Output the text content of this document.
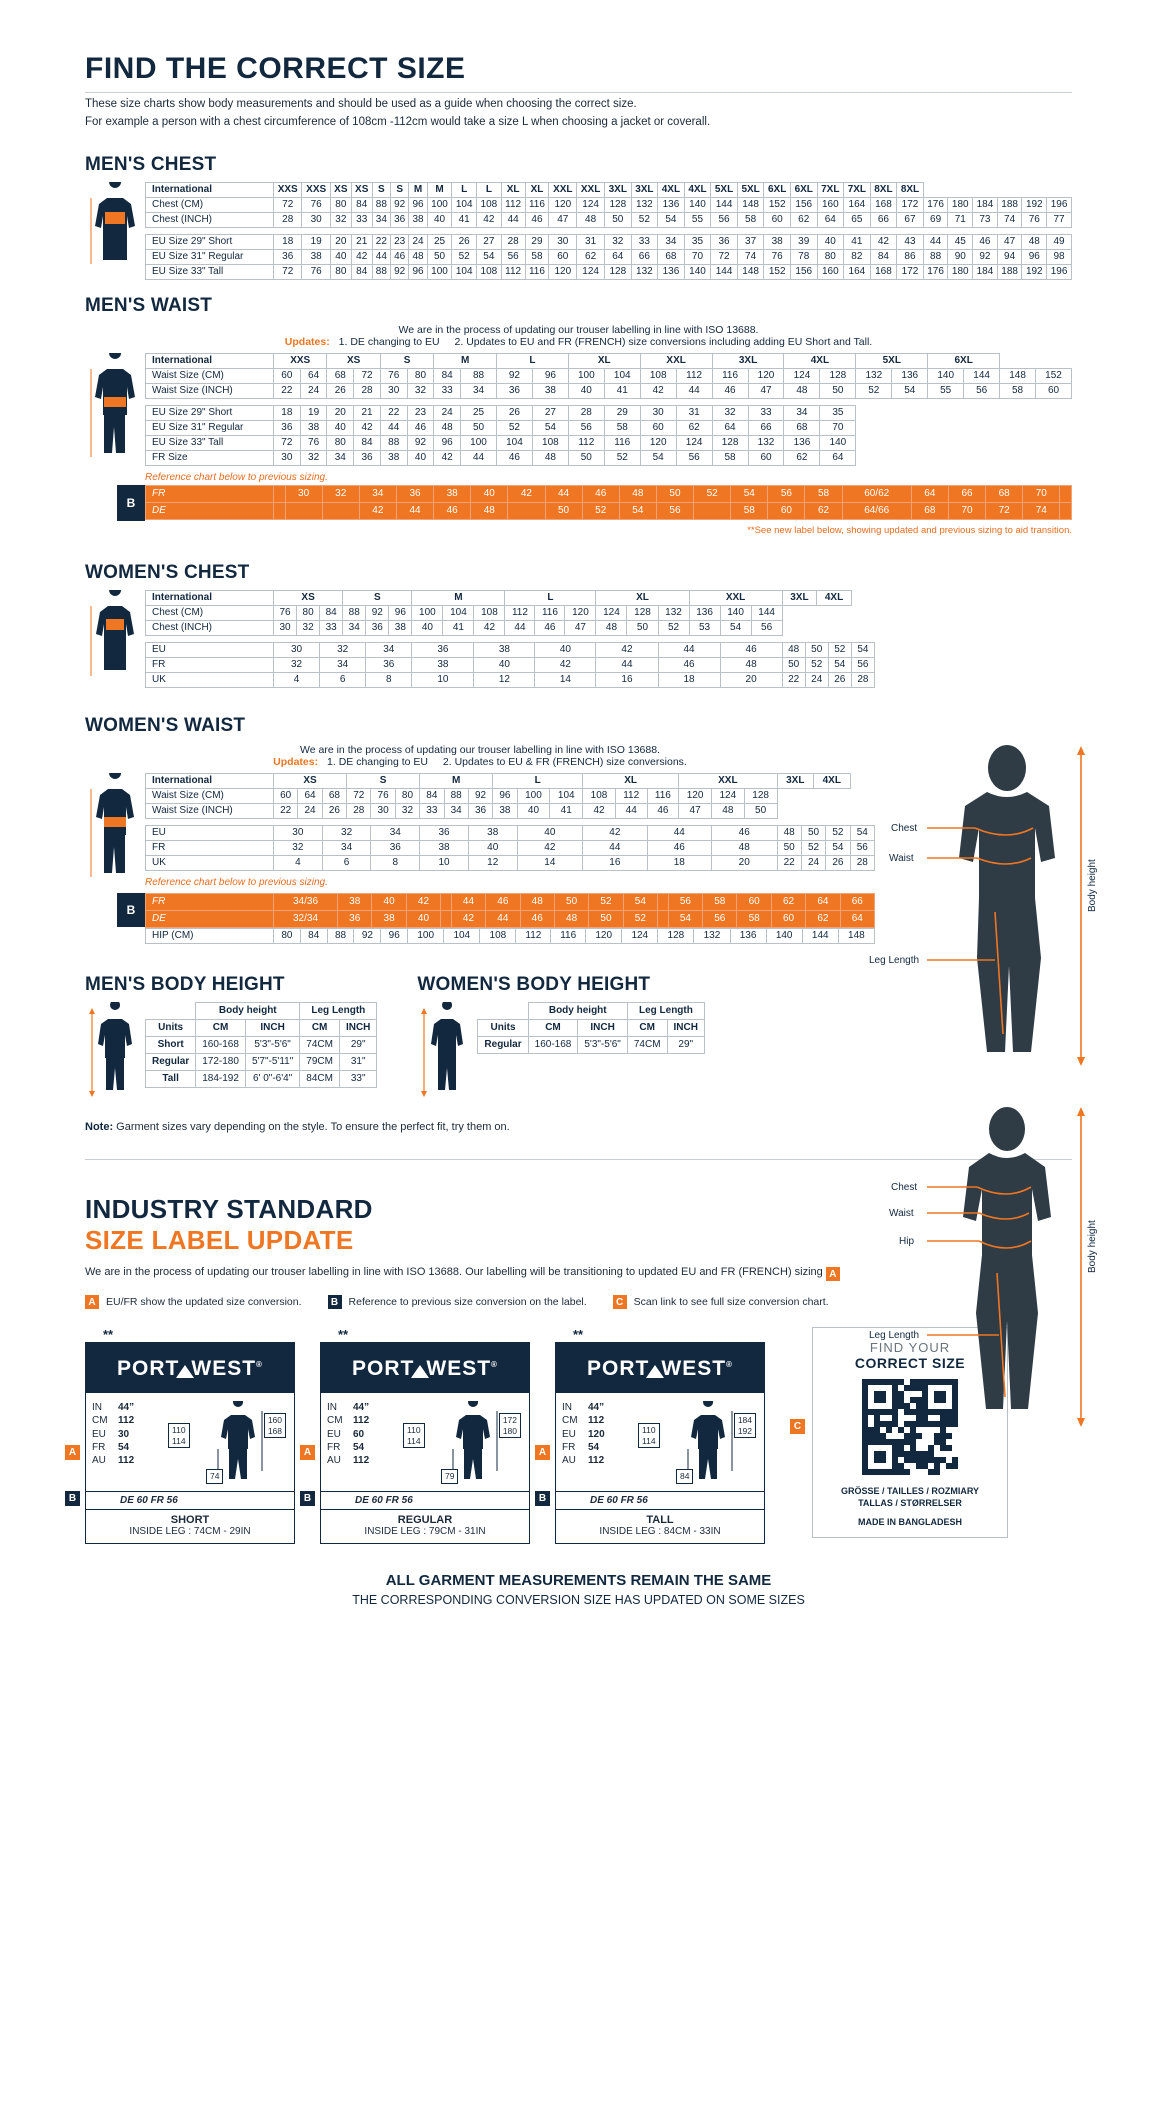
FIND THE CORRECT SIZE

These size charts show body measurements and should be used as a guide when choosing the correct size.
For example a person with a chest circumference of 108cm -112cm would take a size L when choosing a jacket or coverall.

MEN'S CHEST
International	XXS	XXS	XS	XS	S	S	M	M	L	L	XL	XL	XXL	XXL	3XL	3XL	4XL	4XL	5XL	5XL	6XL	6XL	7XL	7XL	8XL	8XL						
Chest (CM)	72	76	80	84	88	92	96	100	104	108	112	116	120	124	128	132	136	140	144	148	152	156	160	164	168	172	176	180	184	188	192	196
Chest (INCH)	28	30	32	33	34	36	38	40	41	42	44	46	47	48	50	52	54	55	56	58	60	62	64	65	66	67	69	71	73	74	76	77

EU Size 29" Short	18	19	20	21	22	23	24	25	26	27	28	29	30	31	32	33	34	35	36	37	38	39	40	41	42	43	44	45	46	47	48	49
EU Size 31" Regular	36	38	40	42	44	46	48	50	52	54	56	58	60	62	64	66	68	70	72	74	76	78	80	82	84	86	88	90	92	94	96	98
EU Size 33" Tall	72	76	80	84	88	92	96	100	104	108	112	116	120	124	128	132	136	140	144	148	152	156	160	164	168	172	176	180	184	188	192	196
MEN'S WAIST
We are in the process of updating our trouser labelling in line with ISO 13688.
Updates: 1. DE changing to EU 2. Updates to EU and FR (FRENCH) size conversions including adding EU Short and Tall.
International	XXS		XS		S		M		L		XL		XXL		3XL		4XL		5XL		6XL			
Waist Size (CM)	60	64	68	72	76	80	84	88	92	96	100	104	108	112	116	120	124	128	132	136	140	144	148	152
Waist Size (INCH)	22	24	26	28	30	32	33	34	36	38	40	41	42	44	46	47	48	50	52	54	55	56	58	60

EU Size 29" Short	18	19	20	21	22	23	24	25	26	27	28	29	30	31	32	33	34	35						
EU Size 31" Regular	36	38	40	42	44	46	48	50	52	54	56	58	60	62	64	66	68	70						
EU Size 33" Tall	72	76	80	84	88	92	96	100	104	108	112	116	120	124	128	132	136	140						
FR Size	30	32	34	36	38	40	42	44	46	48	50	52	54	56	58	60	62	64						
Reference chart below to previous sizing.
B
FR		30	32	34	36	38	40	42	44	46	48	50	52	54	56	58	60/62	64	66	68	70	
DE				42	44	46	48		50	52	54	56		58	60	62	64/66	68	70	72	74	
**See new label below, showing updated and previous sizing to aid transition.
WOMEN'S CHEST
International	XS			S			M			L			XL			XXL			3XL		4XL		
Chest (CM)	76	80	84	88	92	96	100	104	108	112	116	120	124	128	132	136	140	144					
Chest (INCH)	30	32	33	34	36	38	40	41	42	44	46	47	48	50	52	53	54	56					

EU	30		32		34		36		38		40		42		44		46		48	50		52	54
FR	32		34		36		38		40		42		44		46		48		50	52		54	56
UK	4		6		8		10		12		14		16		18		20		22	24		26	28
WOMEN'S WAIST
We are in the process of updating our trouser labelling in line with ISO 13688.
Updates: 1. DE changing to EU 2. Updates to EU & FR (FRENCH) size conversions.
International	XS			S			M			L			XL			XXL			3XL		4XL		
Waist Size (CM)	60	64	68	72	76	80	84	88	92	96	100	104	108	112	116	120	124	128					
Waist Size (INCH)	22	24	26	28	30	32	33	34	36	38	40	41	42	44	46	47	48	50					

EU	30		32		34		36		38		40		42		44		46		48	50		52	54
FR	32		34		36		38		40		42		44		46		48		50	52		54	56
UK	4		6		8		10		12		14		16		18		20		22	24		26	28
Reference chart below to previous sizing.
B
FR	34/36	38	40	42		44	46	48	50	52	54		56	58	60	62	64	66
DE	32/34	36	38	40		42	44	46	48	50	52		54	56	58	60	62	64
HIP (CM)	80	84	88	92	96	100	104	108	112	116	120	124	128	132	136	140	144	148
MEN'S BODY HEIGHT
	Body height		Leg Length	
Units	CM	INCH	CM	INCH
Short	160-168	5'3"-5'6"	74CM	29"
Regular	172-180	5'7"-5'11"	79CM	31"
Tall	184-192	6' 0"-6'4"	84CM	33"
WOMEN'S BODY HEIGHT
	Body height		Leg Length	
Units	CM	INCH	CM	INCH
Regular	160-168	5'3"-5'6"	74CM	29"

Note: Garment sizes vary depending on the style. To ensure the perfect fit, try them on.

INDUSTRY STANDARD
SIZE LABEL UPDATE

We are in the process of updating our trouser labelling in line with ISO 13688. Our labelling will be transitioning to updated EU and FR (FRENCH) sizing A

A EU/FR show the updated size conversion.	B Reference to previous size conversion on the label.	C Scan link to see full size conversion chart.
**
PORT WEST®
IN	44”
CM	112
EU	30
FR	54
AU	112
110
114
160
168
74
DE 60 FR 56
SHORT
INSIDE LEG : 74CM - 29IN
A
B
**
PORT WEST®
IN	44”
CM	112
EU	60
FR	54
AU	112
110
114
172
180
79
DE 60 FR 56
REGULAR
INSIDE LEG : 79CM - 31IN
A
B
**
PORT WEST®
IN	44”
CM	112
EU	120
FR	54
AU	112
110
114
184
192
84
DE 60 FR 56
TALL
INSIDE LEG : 84CM - 33IN
A
B
C
FIND YOUR
CORRECT SIZE
GRÖSSE / TAILLES / ROZMIARY
TALLAS / STØRRELSER
MADE IN BANGLADESH
ALL GARMENT MEASUREMENTS REMAIN THE SAME
THE CORRESPONDING CONVERSION SIZE HAS UPDATED ON SOME SIZES
Chest
Waist
Leg Length
Body height

Chest
Waist
Hip
Leg Length
Body height
